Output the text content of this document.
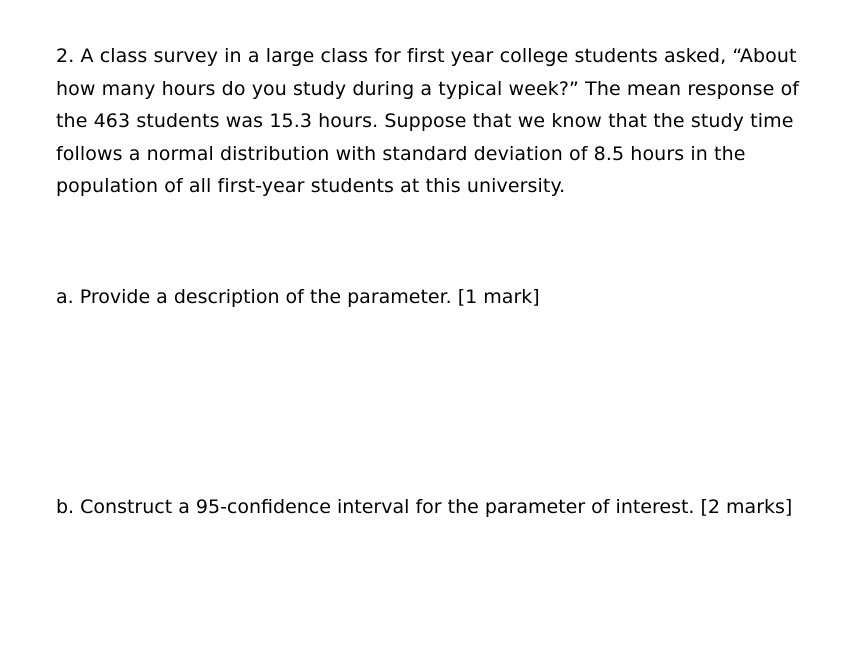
2. A class survey in a large class for first year college students asked, “About how many hours do you study during a typical week?” The mean response of the 463 students was 15.3 hours. Suppose that we know that the study time follows a normal distribution with standard deviation of 8.5 hours in the population of all first-year students at this university.

a. Provide a description of the parameter. [1 mark]

b. Construct a 95-confidence interval for the parameter of interest. [2 marks]
